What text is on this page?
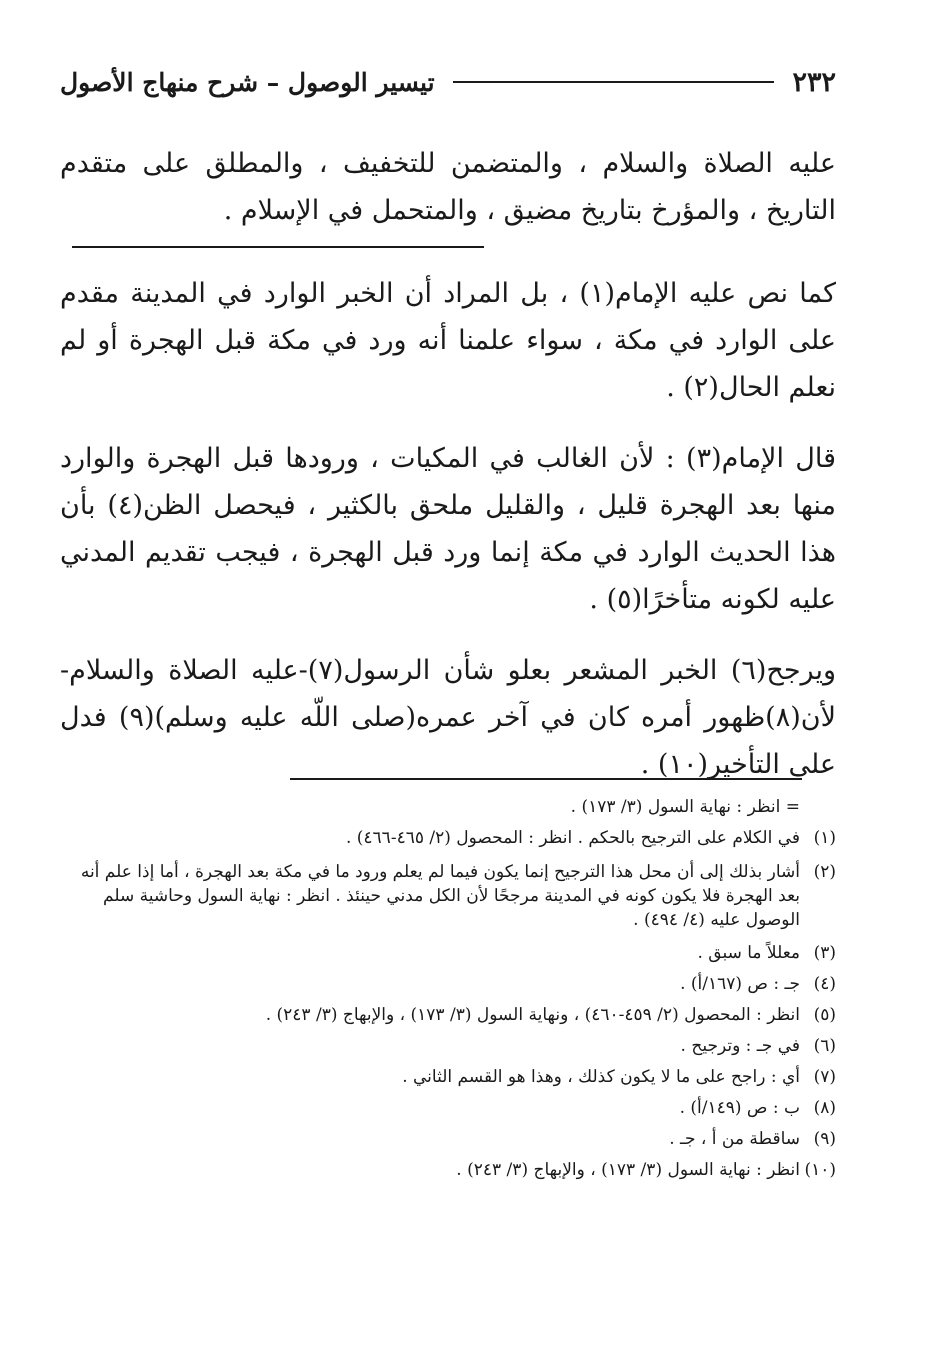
تيسير الوصول – شرح منهاج الأصول	٢٣٢

عليه الصلاة والسلام ، والمتضمن للتخفيف ، والمطلق على متقدم التاريخ ، والمؤرخ بتاريخ مضيق ، والمتحمل في الإسلام .

كما نص عليه الإمام(١) ، بل المراد أن الخبر الوارد في المدينة مقدم على الوارد في مكة ، سواء علمنا أنه ورد في مكة قبل الهجرة أو لم نعلم الحال(٢) .

قال الإمام(٣) : لأن الغالب في المكيات ، ورودها قبل الهجرة والوارد منها بعد الهجرة قليل ، والقليل ملحق بالكثير ، فيحصل الظن(٤) بأن هذا الحديث الوارد في مكة إنما ورد قبل الهجرة ، فيجب تقديم المدني عليه لكونه متأخرًا(٥) .

ويرجح(٦) الخبر المشعر بعلو شأن الرسول(٧)-عليه الصلاة والسلام- لأن(٨)ظهور أمره كان في آخر عمره(صلى اللّه عليه وسلم)(٩) فدل على التأخير(١٠) .

= انظر : نهاية السول (٣/ ١٧٣) .

(١)
في الكلام على الترجيح بالحكم . انظر : المحصول (٢/ ٤٦٥-٤٦٦) .

(٢)
أشار بذلك إلى أن محل هذا الترجيح إنما يكون فيما لم يعلم ورود ما في مكة بعد الهجرة ، أما إذا علم أنه بعد الهجرة فلا يكون كونه في المدينة مرجحًا لأن الكل مدني حينئذ . انظر : نهاية السول وحاشية سلم الوصول عليه (٤/ ٤٩٤) .

(٣)
معللاً ما سبق .

(٤)
جـ : ص (١٦٧/أ) .

(٥)
انظر : المحصول (٢/ ٤٥٩-٤٦٠) ، ونهاية السول (٣/ ١٧٣) ، والإبهاج (٣/ ٢٤٣) .

(٦)
في جـ : وترجيح .

(٧)
أي : راجح على ما لا يكون كذلك ، وهذا هو القسم الثاني .

(٨)
ب : ص (١٤٩/أ) .

(٩)
ساقطة من أ ، جـ .

(١٠)
انظر : نهاية السول (٣/ ١٧٣) ، والإبهاج (٣/ ٢٤٣) .
